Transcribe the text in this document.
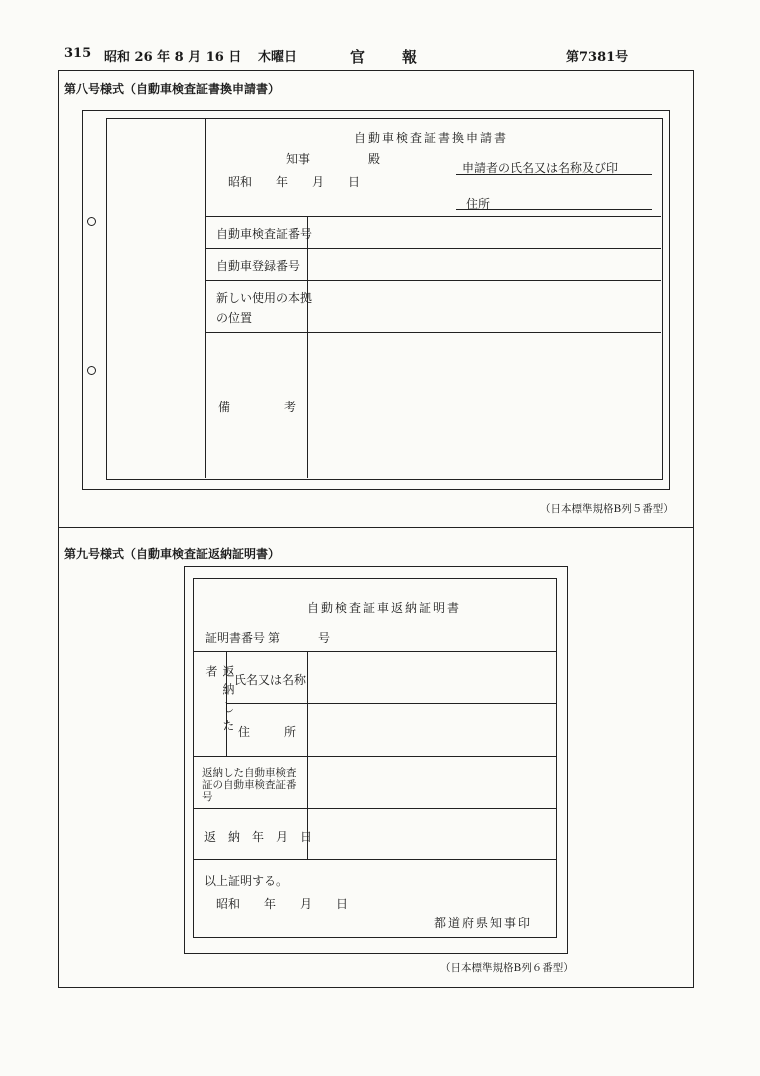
315 昭和 26 年 8 月 16 日 木曜日	官 報	第7381号
第八号様式（自動車検査証書換申請書）
自動車検査証書換申請書
知事	殿
昭和　　年　　月　　日
申請者の氏名又は名称及び印
住所
自動車検査証番号
自動車登録番号
新しい使用の本拠
の位置
備	考
（日本標準規格B列５番型）
第九号様式（自動車検査証返納証明書）
自動検査証車返納証明書
証明書番号 第	号
返納した者	氏名又は名称
住	所
返納した自動車検査
証の自動車検査証番
号
返　納　年　月　日
以上証明する。
昭和　　年　　月　　日
都道府県知事印
（日本標準規格B列６番型）
